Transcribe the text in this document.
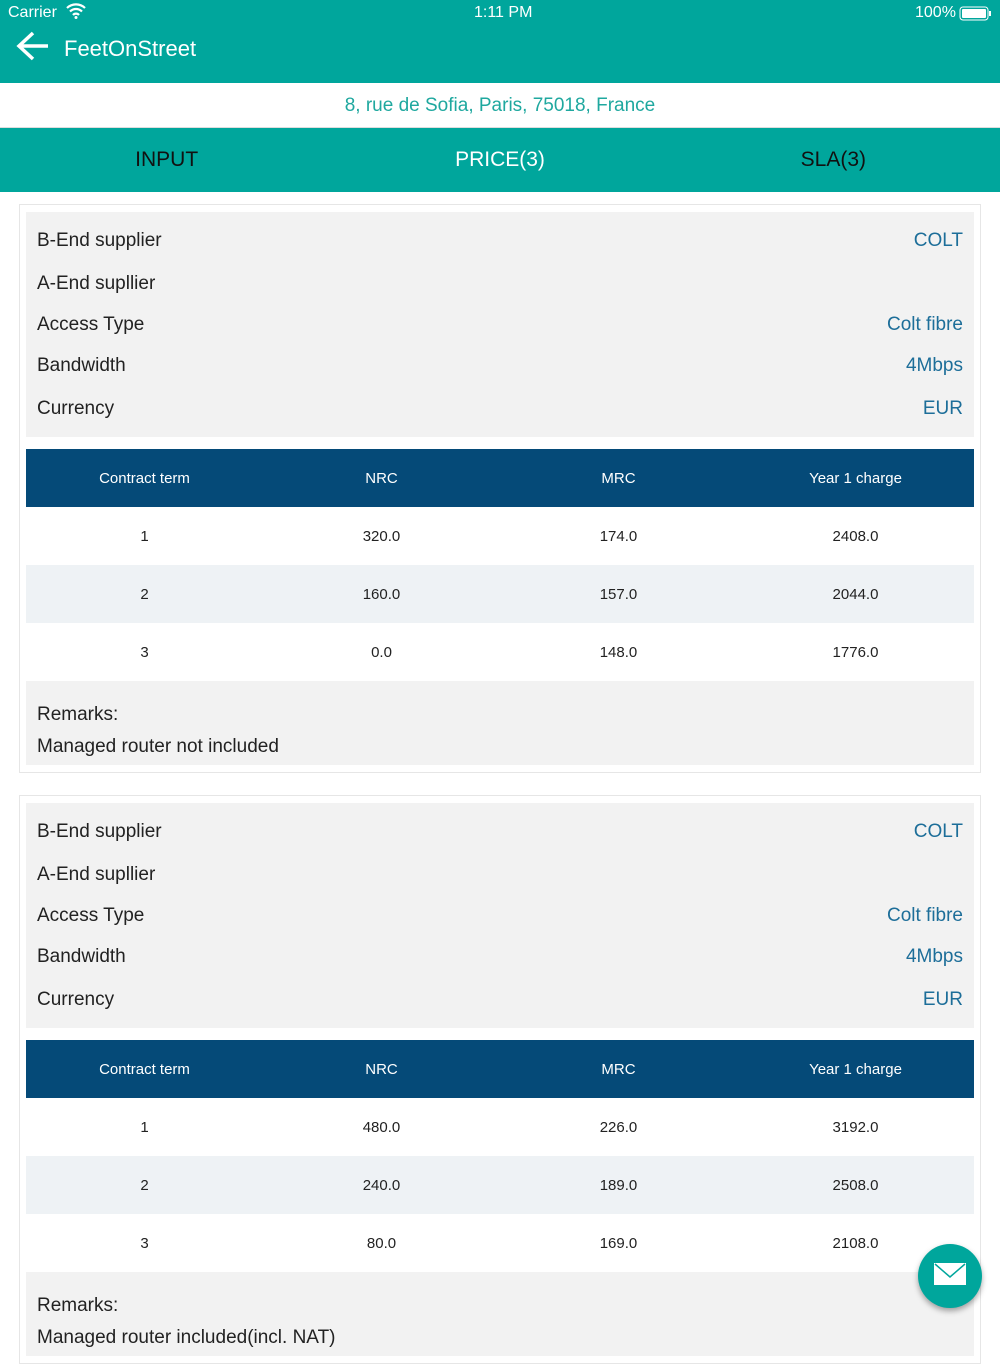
Carrier	1:11 PM	100%
FeetOnStreet
8, rue de Sofia, Paris, 75018, France
INPUT	PRICE(3)	SLA(3)
B-End supplier	COLT
A-End supllier
Access Type	Colt fibre
Bandwidth	4Mbps
Currency	EUR
Contract term	NRC	MRC	Year 1 charge
1	320.0	174.0	2408.0
2	160.0	157.0	2044.0
3	0.0	148.0	1776.0
Remarks:
Managed router not included
B-End supplier	COLT
A-End supllier
Access Type	Colt fibre
Bandwidth	4Mbps
Currency	EUR
Contract term	NRC	MRC	Year 1 charge
1	480.0	226.0	3192.0
2	240.0	189.0	2508.0
3	80.0	169.0	2108.0
Remarks:
Managed router included(incl. NAT)
